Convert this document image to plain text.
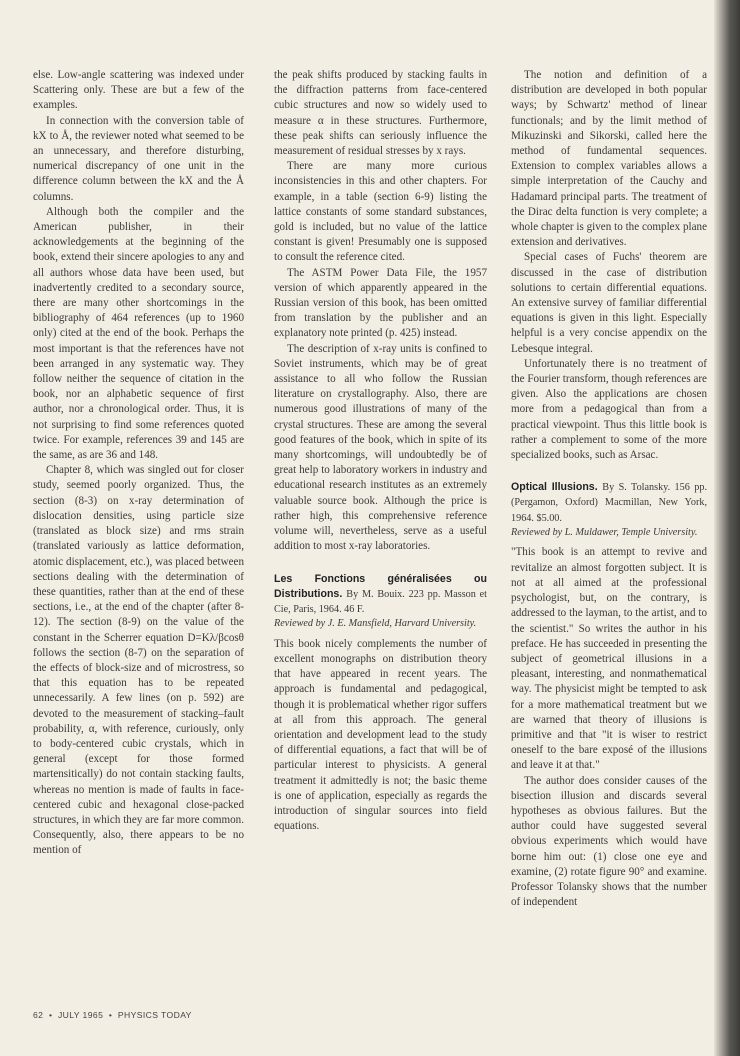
else. Low-angle scattering was indexed under Scattering only. These are but a few of the examples.

In connection with the conversion table of kX to Å, the reviewer noted what seemed to be an unnecessary, and therefore disturbing, numerical discrepancy of one unit in the difference column between the kX and the Å columns.

Although both the compiler and the American publisher, in their acknowledgements at the beginning of the book, extend their sincere apologies to any and all authors whose data have been used, but inadvertently credited to a secondary source, there are many other shortcomings in the bibliography of 464 references (up to 1960 only) cited at the end of the book. Perhaps the most important is that the references have not been arranged in any systematic way. They follow neither the sequence of citation in the book, nor an alphabetic sequence of first author, nor a chronological order. Thus, it is not surprising to find some references quoted twice. For example, references 39 and 145 are the same, as are 36 and 148.

Chapter 8, which was singled out for closer study, seemed poorly organized. Thus, the section (8-3) on x-ray determination of dislocation densities, using particle size (translated as block size) and rms strain (translated variously as lattice deformation, atomic displacement, etc.), was placed between sections dealing with the determination of these quantities, rather than at the end of these sections, i.e., at the end of the chapter (after 8-12). The section (8-9) on the value of the constant in the Scherrer equation D=Kλ/βcosθ follows the section (8-7) on the separation of the effects of block-size and of microstress, so that this equation has to be repeated unnecessarily. A few lines (on p. 592) are devoted to the measurement of stacking–fault probability, α, with reference, curiously, only to body-centered cubic crystals, which in general (except for those formed martensitically) do not contain stacking faults, whereas no mention is made of faults in face-centered cubic and hexagonal close-packed structures, in which they are far more common. Consequently, also, there appears to be no mention of

the peak shifts produced by stacking faults in the diffraction patterns from face-centered cubic structures and now so widely used to measure α in these structures. Furthermore, these peak shifts can seriously influence the measurement of residual stresses by x rays.

There are many more curious inconsistencies in this and other chapters. For example, in a table (section 6-9) listing the lattice constants of some standard substances, gold is included, but no value of the lattice constant is given! Presumably one is supposed to consult the reference cited.

The ASTM Power Data File, the 1957 version of which apparently appeared in the Russian version of this book, has been omitted from translation by the publisher and an explanatory note printed (p. 425) instead.

The description of x-ray units is confined to Soviet instruments, which may be of great assistance to all who follow the Russian literature on crystallography. Also, there are numerous good illustrations of many of the crystal structures. These are among the several good features of the book, which in spite of its many shortcomings, will undoubtedly be of great help to laboratory workers in industry and educational research institutes as an extremely valuable source book. Although the price is rather high, this comprehensive reference volume will, nevertheless, serve as a useful addition to most x-ray laboratories.

Les Fonctions généralisées ou Distributions. By M. Bouix. 223 pp. Masson et Cie, Paris, 1964. 46 F.

Reviewed by J. E. Mansfield, Harvard University.

This book nicely complements the number of excellent monographs on distribution theory that have appeared in recent years. The approach is fundamental and pedagogical, though it is problematical whether rigor suffers at all from this approach. The general orientation and development lead to the study of differential equations, a fact that will be of particular interest to physicists. A general treatment it admittedly is not; the basic theme is one of application, especially as regards the introduction of singular sources into field equations.

The notion and definition of a distribution are developed in both popular ways; by Schwartz' method of linear functionals; and by the limit method of Mikuzinski and Sikorski, called here the method of fundamental sequences. Extension to complex variables allows a simple interpretation of the Cauchy and Hadamard principal parts. The treatment of the Dirac delta function is very complete; a whole chapter is given to the complex plane extension and derivatives.

Special cases of Fuchs' theorem are discussed in the case of distribution solutions to certain differential equations. An extensive survey of familiar differential equations is given in this light. Especially helpful is a very concise appendix on the Lebesque integral.

Unfortunately there is no treatment of the Fourier transform, though references are given. Also the applications are chosen more from a pedagogical than from a practical viewpoint. Thus this little book is rather a complement to some of the more specialized books, such as Arsac.

Optical Illusions. By S. Tolansky. 156 pp. (Pergamon, Oxford) Macmillan, New York, 1964. $5.00.

Reviewed by L. Muldawer, Temple University.

"This book is an attempt to revive and revitalize an almost forgotten subject. It is not at all aimed at the professional psychologist, but, on the contrary, is addressed to the layman, to the artist, and to the scientist." So writes the author in his preface. He has succeeded in presenting the subject of geometrical illusions in a pleasant, interesting, and nonmathematical way. The physicist might be tempted to ask for a more mathematical treatment but we are warned that theory of illusions is primitive and that "it is wiser to restrict oneself to the bare exposé of the illusions and leave it at that."

The author does consider causes of the bisection illusion and discards several hypotheses as obvious failures. But the author could have suggested several obvious experiments which would have borne him out: (1) close one eye and examine, (2) rotate figure 90° and examine. Professor Tolansky shows that the number of independent

62 • JULY 1965 • PHYSICS TODAY
